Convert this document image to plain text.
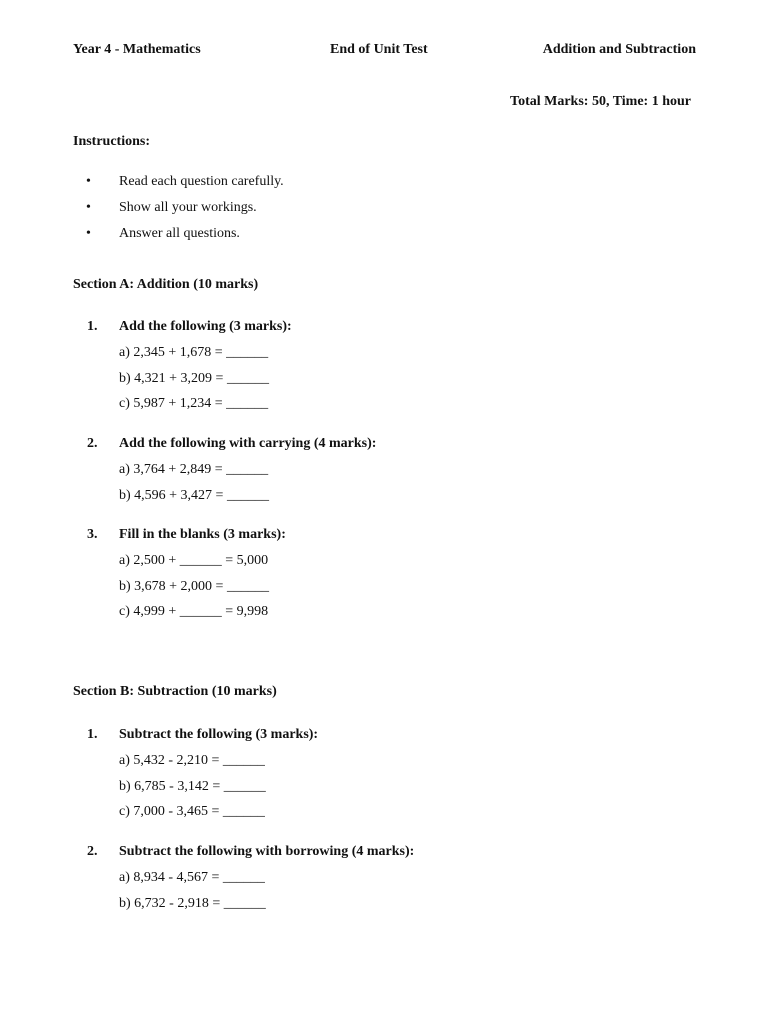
Year 4 - Mathematics	End of Unit Test	Addition and Subtraction
Total Marks: 50, Time: 1 hour
Instructions:
• Read each question carefully.
• Show all your workings.
• Answer all questions.
Section A: Addition (10 marks)
1. Add the following (3 marks):
a) 2,345 + 1,678 = ______
b) 4,321 + 3,209 = ______
c) 5,987 + 1,234 = ______
2. Add the following with carrying (4 marks):
a) 3,764 + 2,849 = ______
b) 4,596 + 3,427 = ______
3. Fill in the blanks (3 marks):
a) 2,500 + ______ = 5,000
b) 3,678 + 2,000 = ______
c) 4,999 + ______ = 9,998
Section B: Subtraction (10 marks)
1. Subtract the following (3 marks):
a) 5,432 - 2,210 = ______
b) 6,785 - 3,142 = ______
c) 7,000 - 3,465 = ______
2. Subtract the following with borrowing (4 marks):
a) 8,934 - 4,567 = ______
b) 6,732 - 2,918 = ______
